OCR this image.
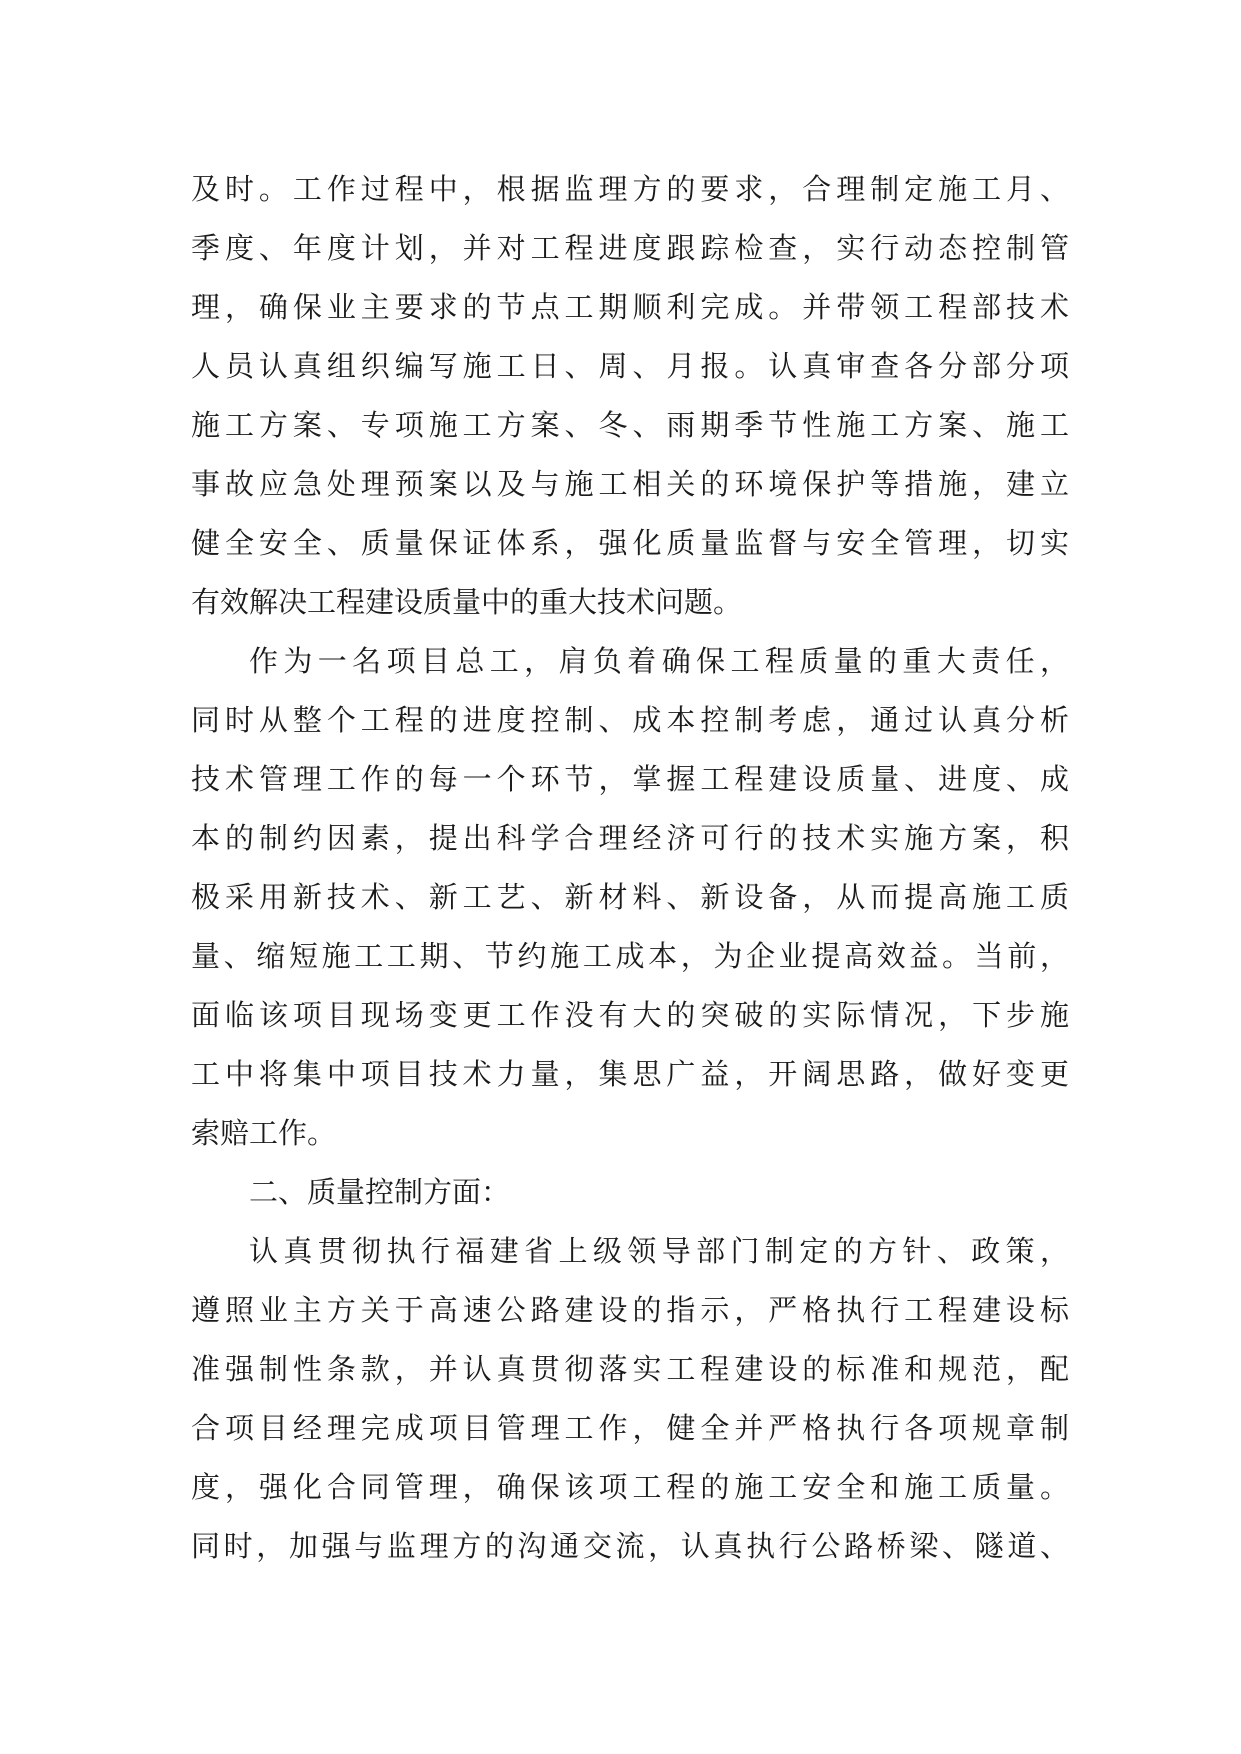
及时。工作过程中，根据监理方的要求，合理制定施工月、
季度、年度计划，并对工程进度跟踪检查，实行动态控制管
理，确保业主要求的节点工期顺利完成。并带领工程部技术
人员认真组织编写施工日、周、月报。认真审查各分部分项
施工方案、专项施工方案、冬、雨期季节性施工方案、施工
事故应急处理预案以及与施工相关的环境保护等措施，建立
健全安全、质量保证体系，强化质量监督与安全管理，切实
有效解决工程建设质量中的重大技术问题。
作为一名项目总工，肩负着确保工程质量的重大责任，
同时从整个工程的进度控制、成本控制考虑，通过认真分析
技术管理工作的每一个环节，掌握工程建设质量、进度、成
本的制约因素，提出科学合理经济可行的技术实施方案，积
极采用新技术、新工艺、新材料、新设备，从而提高施工质
量、缩短施工工期、节约施工成本，为企业提高效益。当前，
面临该项目现场变更工作没有大的突破的实际情况，下步施
工中将集中项目技术力量，集思广益，开阔思路，做好变更
索赔工作。
二、质量控制方面：
认真贯彻执行福建省上级领导部门制定的方针、政策，
遵照业主方关于高速公路建设的指示，严格执行工程建设标
准强制性条款，并认真贯彻落实工程建设的标准和规范，配
合项目经理完成项目管理工作，健全并严格执行各项规章制
度，强化合同管理，确保该项工程的施工安全和施工质量。
同时，加强与监理方的沟通交流，认真执行公路桥梁、隧道、
